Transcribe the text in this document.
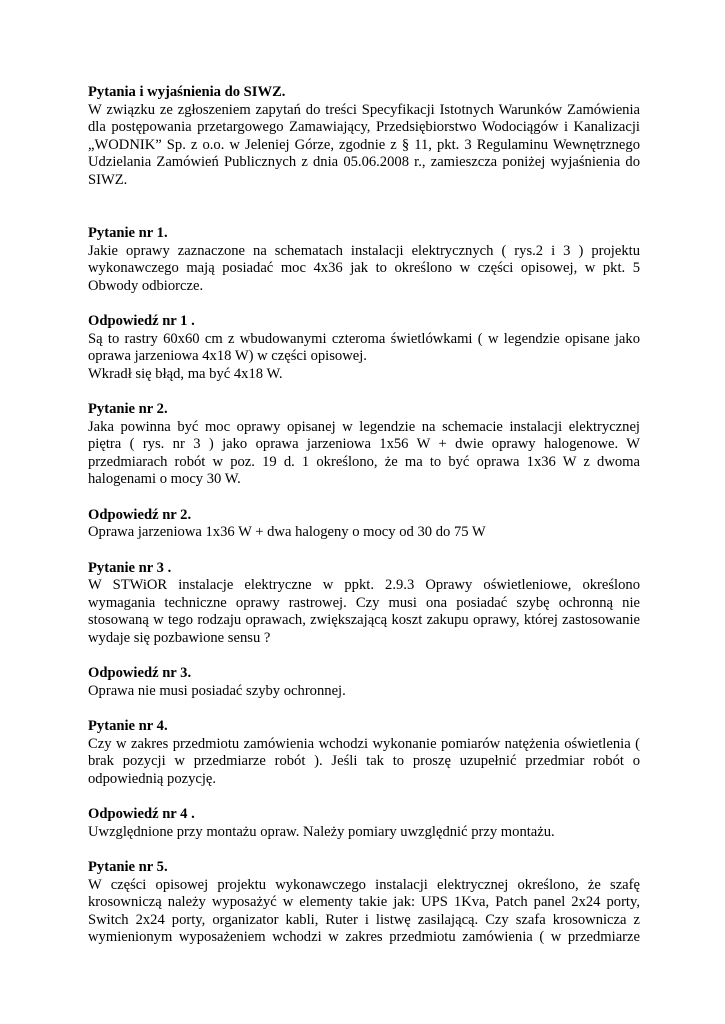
Pytania i wyjaśnienia do SIWZ.

W związku ze zgłoszeniem zapytań do treści Specyfikacji Istotnych Warunków Zamówienia dla postępowania przetargowego Zamawiający, Przedsiębiorstwo Wodociągów i Kanalizacji „WODNIK” Sp. z o.o. w Jeleniej Górze, zgodnie z § 11, pkt. 3 Regulaminu Wewnętrznego Udzielania Zamówień Publicznych z dnia 05.06.2008 r., zamieszcza poniżej wyjaśnienia do SIWZ.

Pytanie nr 1.

Jakie oprawy zaznaczone na schematach instalacji elektrycznych ( rys.2 i 3 ) projektu wykonawczego mają posiadać moc 4x36 jak to określono w części opisowej, w pkt. 5 Obwody odbiorcze.

Odpowiedź nr 1 .

Są to rastry 60x60 cm z wbudowanymi czteroma świetlówkami ( w legendzie opisane jako oprawa jarzeniowa 4x18 W) w części opisowej.

Wkradł się błąd, ma być 4x18 W.

Pytanie nr 2.

Jaka powinna być moc oprawy opisanej w legendzie na schemacie instalacji elektrycznej piętra ( rys. nr 3 ) jako oprawa jarzeniowa 1x56 W + dwie oprawy halogenowe. W przedmiarach robót w poz. 19 d. 1 określono, że ma to być oprawa 1x36 W z dwoma halogenami o mocy 30 W.

Odpowiedź nr 2.

Oprawa jarzeniowa 1x36 W + dwa halogeny o mocy od 30 do 75 W

Pytanie nr 3 .

W STWiOR instalacje elektryczne w ppkt. 2.9.3 Oprawy oświetleniowe, określono wymagania techniczne oprawy rastrowej. Czy musi ona posiadać szybę ochronną nie stosowaną w tego rodzaju oprawach, zwiększającą koszt zakupu oprawy, której zastosowanie wydaje się pozbawione sensu ?

Odpowiedź nr 3.

Oprawa nie musi posiadać szyby ochronnej.

Pytanie nr 4.

Czy w zakres przedmiotu zamówienia wchodzi wykonanie pomiarów natężenia oświetlenia ( brak pozycji w przedmiarze robót ). Jeśli tak to proszę uzupełnić przedmiar robót o odpowiednią pozycję.

Odpowiedź nr 4 .

Uwzględnione przy montażu opraw. Należy pomiary uwzględnić przy montażu.

Pytanie nr 5.

W części opisowej projektu wykonawczego instalacji elektrycznej określono, że szafę krosowniczą należy wyposażyć w elementy takie jak: UPS 1Kva, Patch panel 2x24 porty, Switch 2x24 porty, organizator kabli, Ruter i listwę zasilającą. Czy szafa krosownicza z wymienionym wyposażeniem wchodzi w zakres przedmiotu zamówienia ( w przedmiarze
